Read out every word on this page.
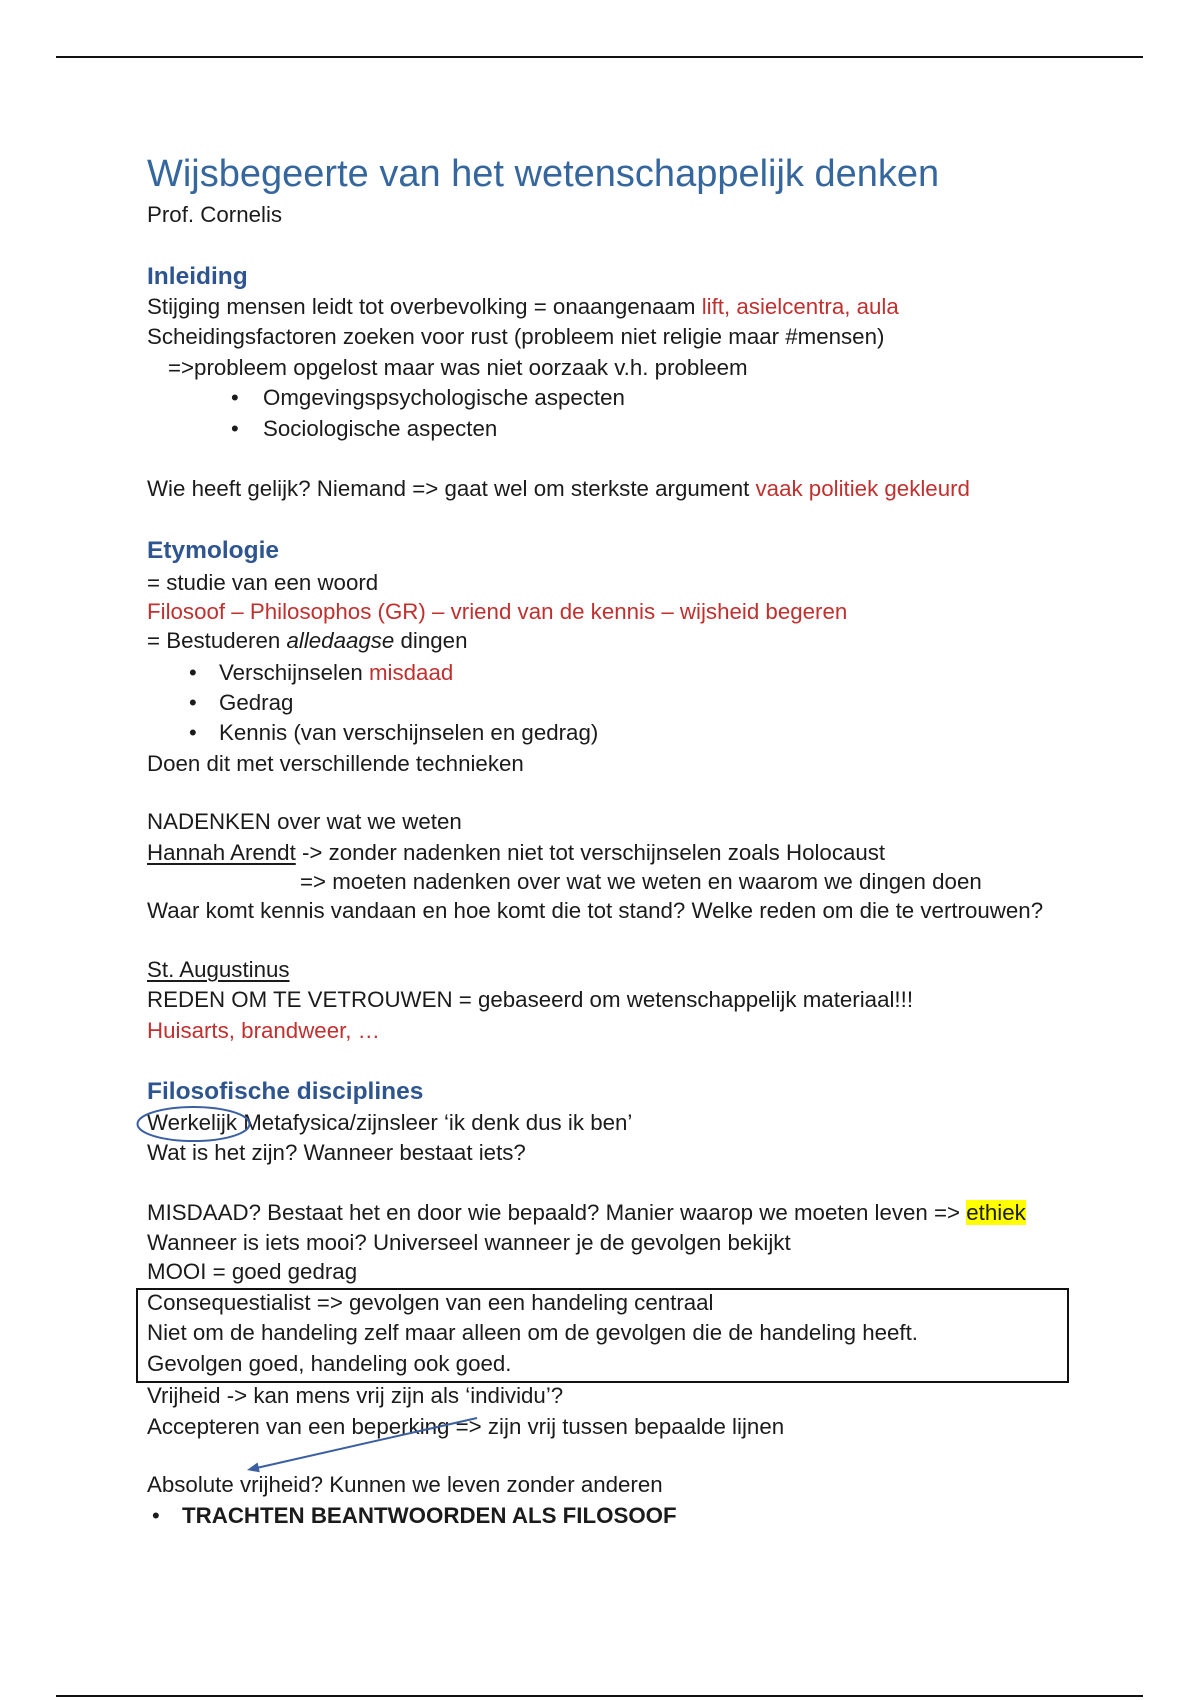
Wijsbegeerte van het wetenschappelijk denken
Prof. Cornelis
Inleiding
Stijging mensen leidt tot overbevolking = onaangenaam lift, asielcentra, aula
Scheidingsfactoren zoeken voor rust (probleem niet religie maar #mensen)
=>probleem opgelost maar was niet oorzaak v.h. probleem
•Omgevingspsychologische aspecten
•Sociologische aspecten
Wie heeft gelijk? Niemand => gaat wel om sterkste argument vaak politiek gekleurd
Etymologie
= studie van een woord
Filosoof – Philosophos (GR) – vriend van de kennis – wijsheid begeren
= Bestuderen alledaagse dingen
•Verschijnselen misdaad
•Gedrag
•Kennis (van verschijnselen en gedrag)
Doen dit met verschillende technieken
NADENKEN over wat we weten
Hannah Arendt -> zonder nadenken niet tot verschijnselen zoals Holocaust
=> moeten nadenken over wat we weten en waarom we dingen doen
Waar komt kennis vandaan en hoe komt die tot stand? Welke reden om die te vertrouwen?
St. Augustinus
REDEN OM TE VETROUWEN = gebaseerd om wetenschappelijk materiaal!!!
Huisarts, brandweer, …
Filosofische disciplines
Werkelijk Metafysica/zijnsleer ‘ik denk dus ik ben’
Wat is het zijn? Wanneer bestaat iets?
MISDAAD? Bestaat het en door wie bepaald? Manier waarop we moeten leven => ethiek
Wanneer is iets mooi? Universeel wanneer je de gevolgen bekijkt
MOOI = goed gedrag
Consequestialist => gevolgen van een handeling centraal
Niet om de handeling zelf maar alleen om de gevolgen die de handeling heeft.
Gevolgen goed, handeling ook goed.
Vrijheid -> kan mens vrij zijn als ‘individu’?
Accepteren van een beperking => zijn vrij tussen bepaalde lijnen
Absolute vrijheid? Kunnen we leven zonder anderen
•TRACHTEN BEANTWOORDEN ALS FILOSOOF
